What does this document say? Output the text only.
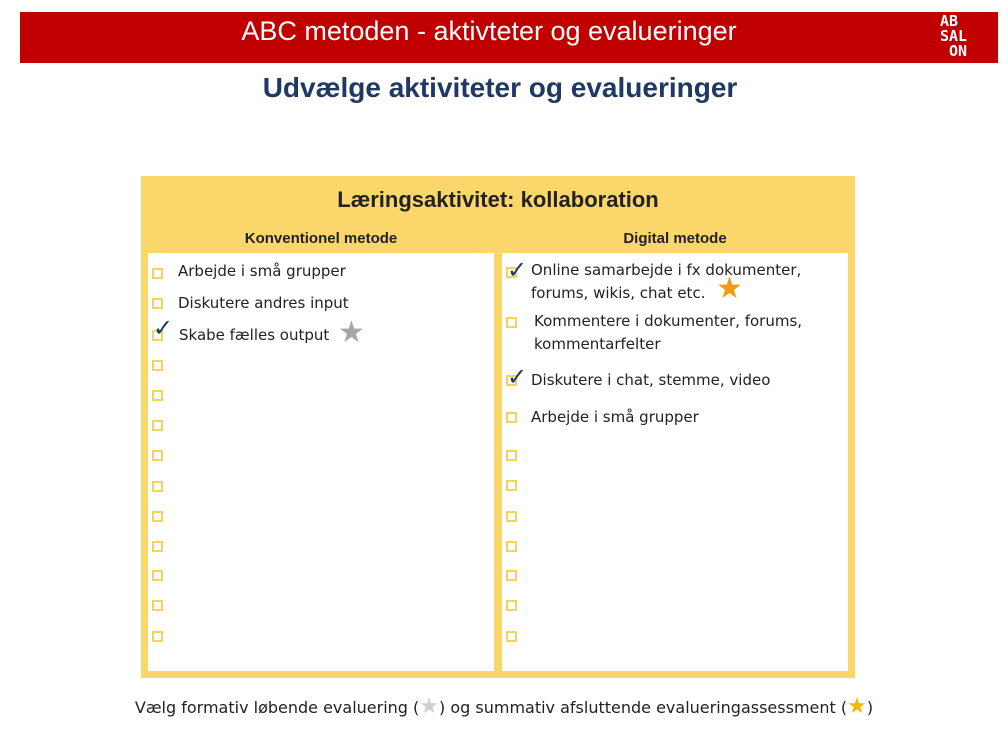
ABC metoden - aktivteter og evalueringer	AB
SAL
ON
Udvælge aktiviteter og evalueringer
Læringsaktivitet: kollaboration
Konventionel metode	Digital metode
Arbejde i små grupper
Diskutere andres input
✓ Skabe fælles output ★
✓ Online samarbejde i fx dokumenter, forums, wikis, chat etc. ★
Kommentere i dokumenter, forums, kommentarfelter
✓ Diskutere i chat, stemme, video
Arbejde i små grupper
Vælg formativ løbende evaluering (★) og summativ afsluttende evalueringassessment (★)
